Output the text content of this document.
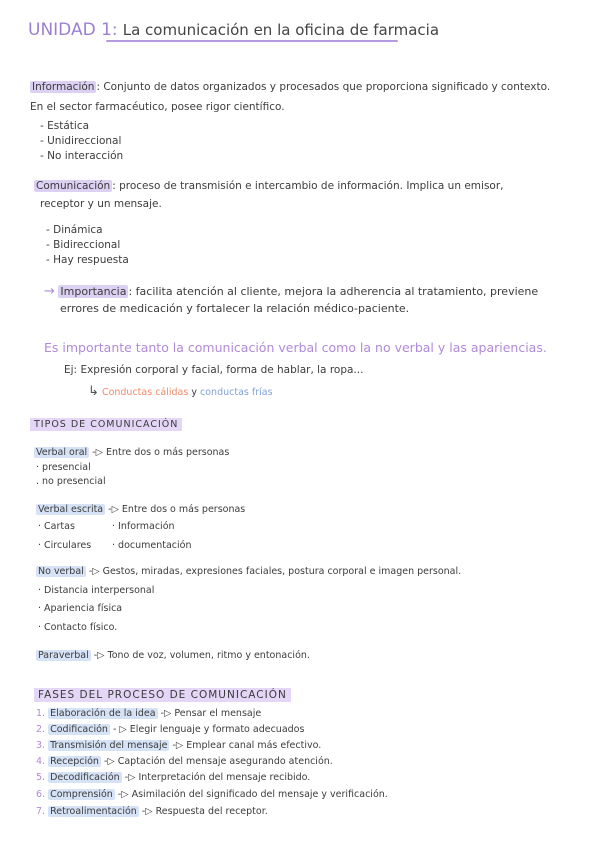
UNIDAD 1: La comunicación en la oficina de farmacia
Información : Conjunto de datos organizados y procesados que proporciona significado y contexto.
En el sector farmacéutico, posee rigor científico.
- Estática
- Unidireccional
- No interacción
Comunicación : proceso de transmisión e intercambio de información. Implica un emisor,
receptor y un mensaje.
- Dinámica
- Bidireccional
- Hay respuesta
→ Importancia : facilita atención al cliente, mejora la adherencia al tratamiento, previene
errores de medicación y fortalecer la relación médico-paciente.
Es importante tanto la comunicación verbal como la no verbal y las apariencias.
Ej: Expresión corporal y facial, forma de hablar, la ropa...
↳ Conductas cálidas y conductas frías
TIPOS DE COMUNICACIÓN
Verbal oral -▷ Entre dos o más personas
· presencial
. no presencial
Verbal escrita -▷ Entre dos o más personas
· Cartas
· Circulares
· Información
· documentación
No verbal -▷ Gestos, miradas, expresiones faciales, postura corporal e imagen personal.
· Distancia interpersonal
· Apariencia física
· Contacto físico.
Paraverbal -▷ Tono de voz, volumen, ritmo y entonación.
FASES DEL PROCESO DE COMUNICACIÓN
1. Elaboración de la idea -▷ Pensar el mensaje
2. Codificación - ▷ Elegir lenguaje y formato adecuados
3. Transmisión del mensaje -▷ Emplear canal más efectivo.
4. Recepción -▷ Captación del mensaje asegurando atención.
5. Decodificación -▷ Interpretación del mensaje recibido.
6. Comprensión -▷ Asimilación del significado del mensaje y verificación.
7. Retroalimentación -▷ Respuesta del receptor.
